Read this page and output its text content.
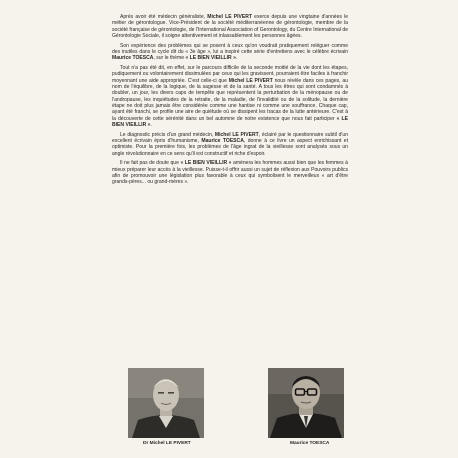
Après avoir été médecin généraliste, Michel LE PIVERT exerce depuis une vingtaine d'années le métier de gérontologue. Vice-Président de la société méditerranéenne de gérontologie, membre de la société française de gérontologie, de l'International Association of Gerontology, du Centre International de Gérontologie Sociale, il soigne attentivement et inlassablement les personnes âgées.

Son expérience des problèmes qui se posent à ceux qu'on voudrait pratiquement reléguer comme des inutiles dans le cycle dit du « 3e âge », lui a inspiré cette série d'entretiens avec le célèbre écrivain Maurice TOESCA, sur le thème « LE BIEN VIEILLIR ».

Tout n'a pas été dit, en effet, sur le parcours difficile de la seconde moitié de la vie dont les étapes, pudiquement ou volontairement dissimulées par ceux qui les gravissent, pourraient être faciles à franchir moyennant une aide appropriée. C'est celle-ci que Michel LE PIVERT nous révèle dans ces pages, au nom de l'équilibre, de la logique, de la sagesse et de la santé. A tous les êtres qui sont condamnés à doubler, un jour, les divers caps de tempête que représentent la perturbation de la ménopause ou de l'andropause, les inquiétudes de la retraite, de la maladie, de l'invalidité ou de la solitude, la dernière étape ne doit plus jamais être considérée comme une hantise ni comme une souffrance. Chaque cap, ayant été franchi, se profile une aire de quiétude où se dissipent les tracas de la lutte antérieure. C'est à la découverte de cette sérénité dans un bel automne de notre existence que nous fait participer « LE BIEN VIEILLIR ».

Le diagnostic précis d'un grand médecin, Michel LE PIVERT, éclairé par le questionnaire subtil d'un excellent écrivain épris d'humanisme, Maurice TOESCA, donne à ce livre un aspect enrichissant et optimiste. Pour la première fois, les problèmes de l'âge ingrat de la vieillesse sont analysés sous un angle révolutionnaire en ce sens qu'il est constructif et riche d'espoir.

Il ne fait pas de doute que « LE BIEN VIEILLIR » amènera les hommes aussi bien que les femmes à mieux préparer leur accès à la vieillesse. Puisse-t-il offrir aussi un sujet de réflexion aux Pouvoirs publics afin de promouvoir une législation plus favorable à ceux qui symbolisent le merveilleux « art d'être grands-pères... ou grand-mères ».

Dr Michel LE PIVERT	Maurice TOESCA
